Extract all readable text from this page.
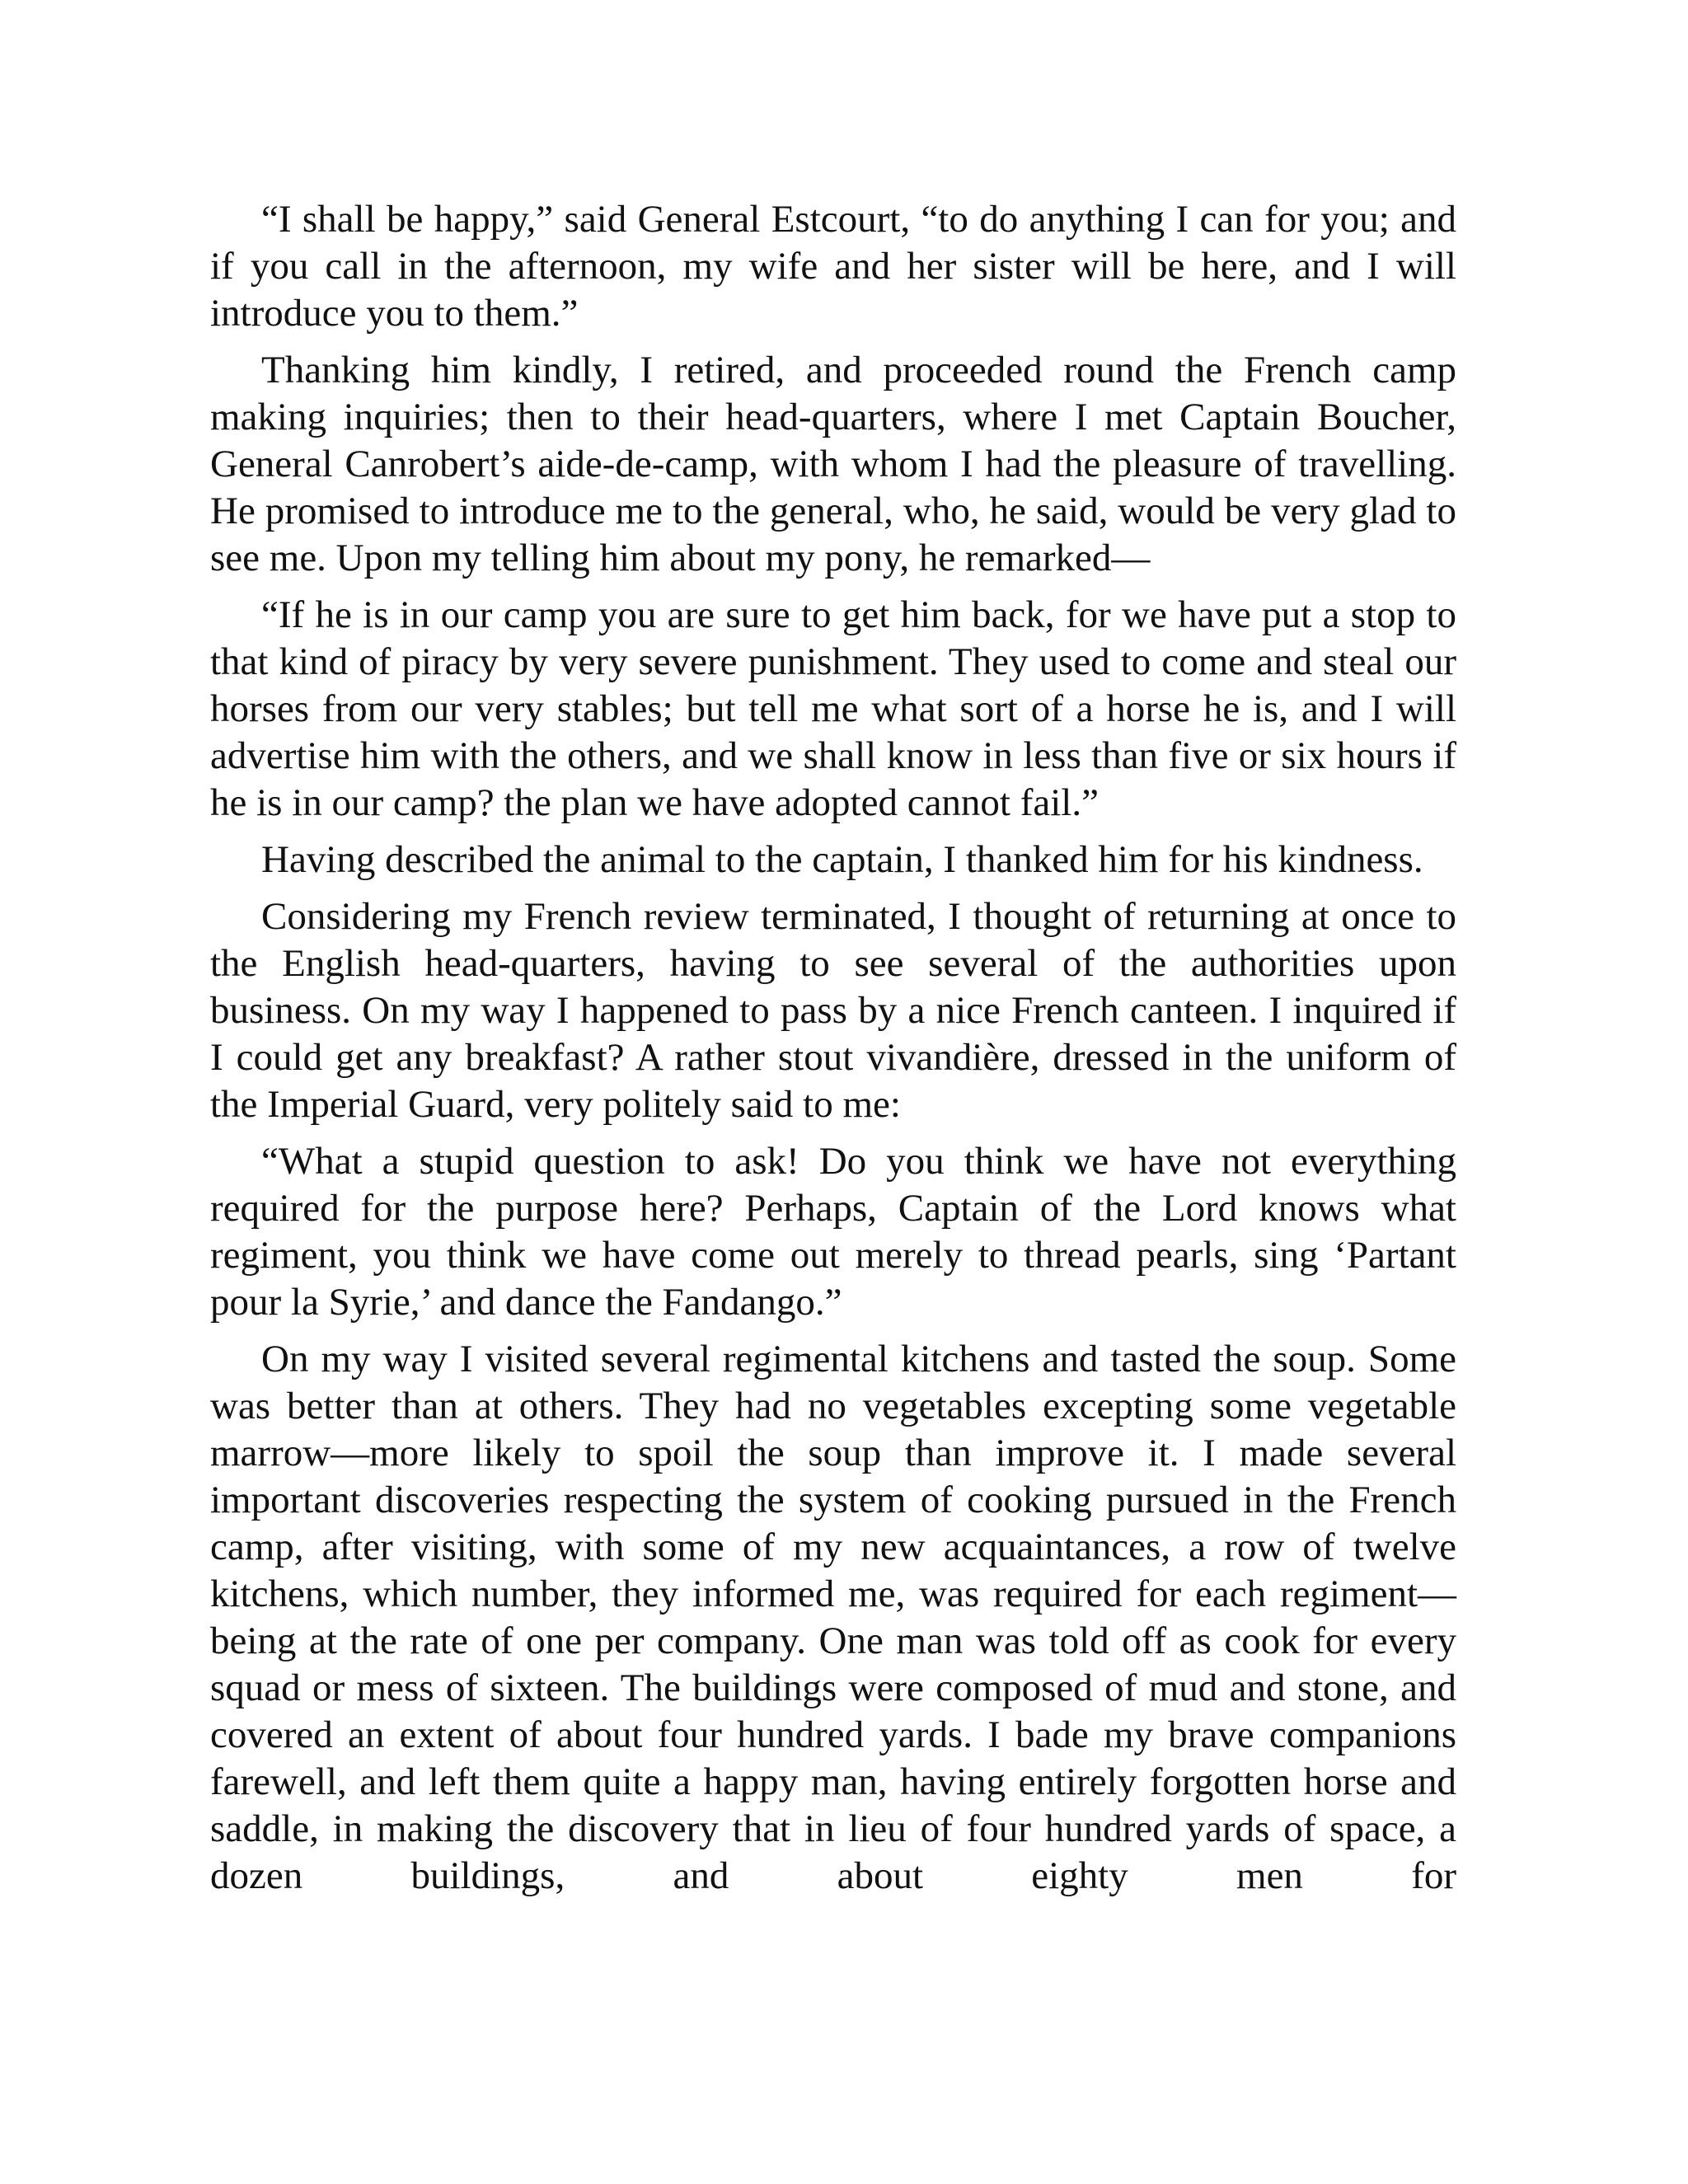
“I shall be happy,” said General Estcourt, “to do anything I can for you; and if you call in the afternoon, my wife and her sister will be here, and I will introduce you to them.”

Thanking him kindly, I retired, and proceeded round the French camp making inquiries; then to their head-quarters, where I met Captain Boucher, General Canrobert’s aide-de-camp, with whom I had the pleasure of travelling. He promised to introduce me to the general, who, he said, would be very glad to see me. Upon my telling him about my pony, he remarked—

“If he is in our camp you are sure to get him back, for we have put a stop to that kind of piracy by very severe punishment. They used to come and steal our horses from our very stables; but tell me what sort of a horse he is, and I will advertise him with the others, and we shall know in less than five or six hours if he is in our camp? the plan we have adopted cannot fail.”

Having described the animal to the captain, I thanked him for his kindness.

Considering my French review terminated, I thought of returning at once to the English head-quarters, having to see several of the authorities upon business. On my way I happened to pass by a nice French canteen. I inquired if I could get any breakfast? A rather stout vivandière, dressed in the uniform of the Imperial Guard, very politely said to me:

“What a stupid question to ask! Do you think we have not everything required for the purpose here? Perhaps, Captain of the Lord knows what regiment, you think we have come out merely to thread pearls, sing ‘Partant pour la Syrie,’ and dance the Fandango.”

On my way I visited several regimental kitchens and tasted the soup. Some was better than at others. They had no vegetables excepting some vegetable marrow—more likely to spoil the soup than improve it. I made several important discoveries respecting the system of cooking pursued in the French camp, after visiting, with some of my new acquaintances, a row of twelve kitchens, which number, they informed me, was required for each regiment—being at the rate of one per company. One man was told off as cook for every squad or mess of sixteen. The buildings were composed of mud and stone, and covered an extent of about four hundred yards. I bade my brave companions farewell, and left them quite a happy man, having entirely forgotten horse and saddle, in making the discovery that in lieu of four hundred yards of space, a dozen buildings, and about eighty men for
